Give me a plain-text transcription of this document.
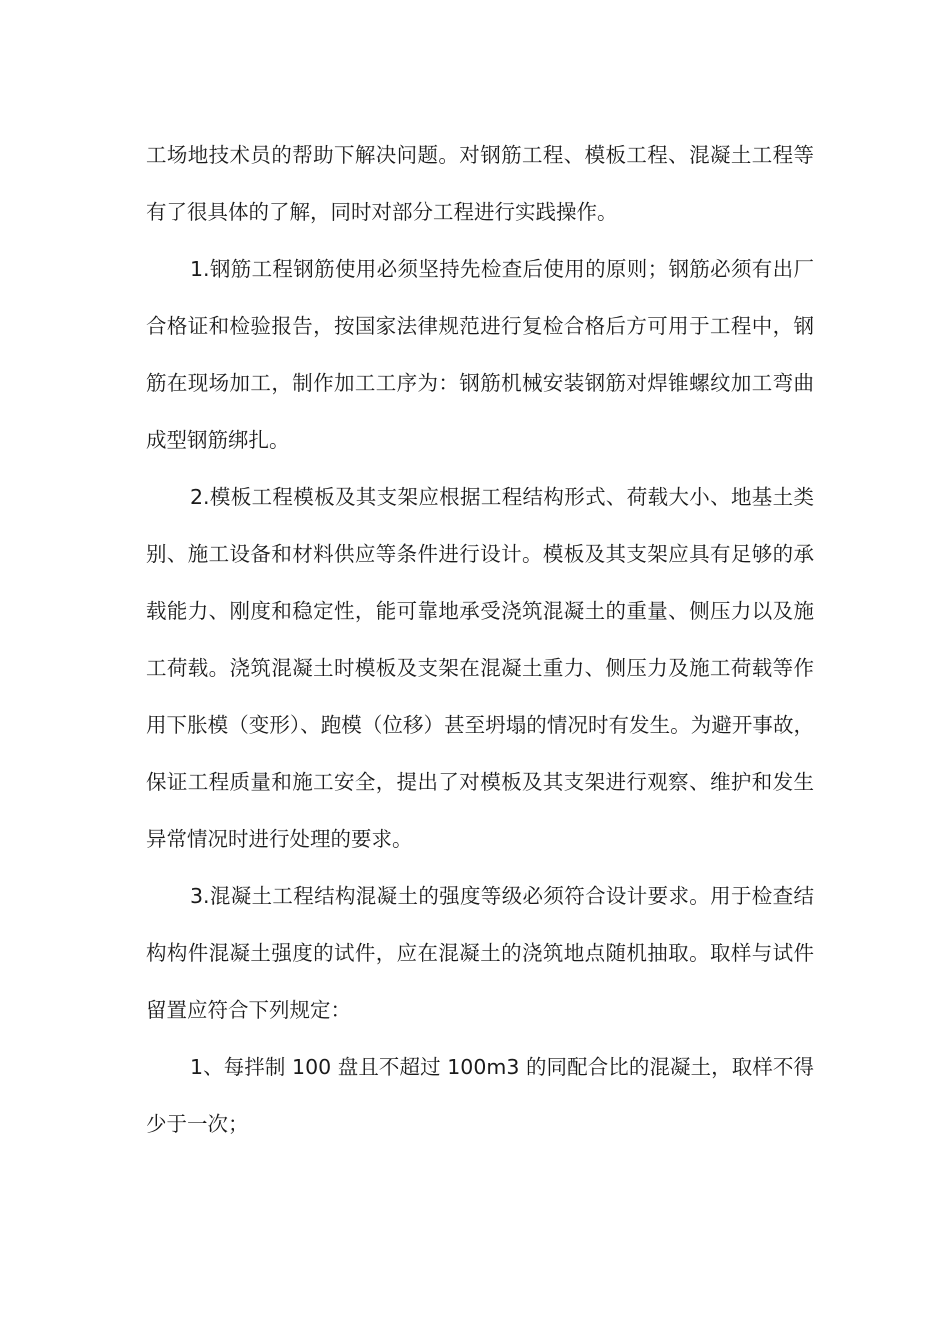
工场地技术员的帮助下解决问题。对钢筋工程、模板工程、混凝土工程等有了很具体的了解，同时对部分工程进行实践操作。

1.钢筋工程钢筋使用必须坚持先检查后使用的原则；钢筋必须有出厂合格证和检验报告，按国家法律规范进行复检合格后方可用于工程中，钢筋在现场加工，制作加工工序为：钢筋机械安装钢筋对焊锥螺纹加工弯曲成型钢筋绑扎。

2.模板工程模板及其支架应根据工程结构形式、荷载大小、地基土类别、施工设备和材料供应等条件进行设计。模板及其支架应具有足够的承载能力、刚度和稳定性，能可靠地承受浇筑混凝土的重量、侧压力以及施工荷载。浇筑混凝土时模板及支架在混凝土重力、侧压力及施工荷载等作用下胀模（变形）、跑模（位移）甚至坍塌的情况时有发生。为避开事故，保证工程质量和施工安全，提出了对模板及其支架进行观察、维护和发生异常情况时进行处理的要求。

3.混凝土工程结构混凝土的强度等级必须符合设计要求。用于检查结构构件混凝土强度的试件，应在混凝土的浇筑地点随机抽取。取样与试件留置应符合下列规定：

1、每拌制 100 盘且不超过 100m3 的同配合比的混凝土，取样不得少于一次；
